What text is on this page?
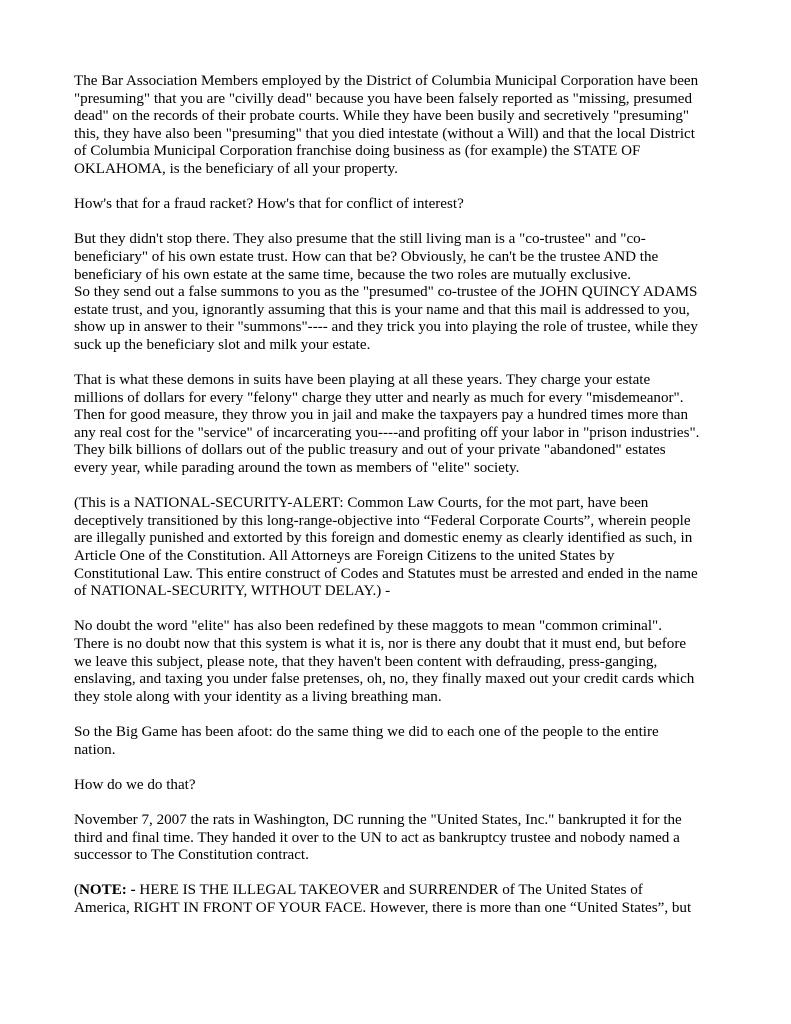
The Bar Association Members employed by the District of Columbia Municipal Corporation have been
"presuming" that you are "civilly dead" because you have been falsely reported as "missing, presumed
dead" on the records of their probate courts. While they have been busily and secretively "presuming"
this, they have also been "presuming" that you died intestate (without a Will) and that the local District
of Columbia Municipal Corporation franchise doing business as (for example) the STATE OF
OKLAHOMA, is the beneficiary of all your property.

How's that for a fraud racket? How's that for conflict of interest?

But they didn't stop there. They also presume that the still living man is a "co-trustee" and "co-
beneficiary" of his own estate trust. How can that be? Obviously, he can't be the trustee AND the
beneficiary of his own estate at the same time, because the two roles are mutually exclusive.
So they send out a false summons to you as the "presumed" co-trustee of the JOHN QUINCY ADAMS
estate trust, and you, ignorantly assuming that this is your name and that this mail is addressed to you,
show up in answer to their "summons"---- and they trick you into playing the role of trustee, while they
suck up the beneficiary slot and milk your estate.

That is what these demons in suits have been playing at all these years. They charge your estate
millions of dollars for every "felony" charge they utter and nearly as much for every "misdemeanor".
Then for good measure, they throw you in jail and make the taxpayers pay a hundred times more than
any real cost for the "service" of incarcerating you----and profiting off your labor in "prison industries".
They bilk billions of dollars out of the public treasury and out of your private "abandoned" estates
every year, while parading around the town as members of "elite" society.

(This is a NATIONAL-SECURITY-ALERT: Common Law Courts, for the mot part, have been
deceptively transitioned by this long-range-objective into “Federal Corporate Courts”, wherein people
are illegally punished and extorted by this foreign and domestic enemy as clearly identified as such, in
Article One of the Constitution. All Attorneys are Foreign Citizens to the united States by
Constitutional Law. This entire construct of Codes and Statutes must be arrested and ended in the name
of NATIONAL-SECURITY, WITHOUT DELAY.) -

No doubt the word "elite" has also been redefined by these maggots to mean "common criminal".
There is no doubt now that this system is what it is, nor is there any doubt that it must end, but before
we leave this subject, please note, that they haven't been content with defrauding, press-ganging,
enslaving, and taxing you under false pretenses, oh, no, they finally maxed out your credit cards which
they stole along with your identity as a living breathing man.

So the Big Game has been afoot: do the same thing we did to each one of the people to the entire
nation.

How do we do that?

November 7, 2007 the rats in Washington, DC running the "United States, Inc." bankrupted it for the
third and final time. They handed it over to the UN to act as bankruptcy trustee and nobody named a
successor to The Constitution contract.

(NOTE: - HERE IS THE ILLEGAL TAKEOVER and SURRENDER of The United States of
America, RIGHT IN FRONT OF YOUR FACE. However, there is more than one “United States”, but
